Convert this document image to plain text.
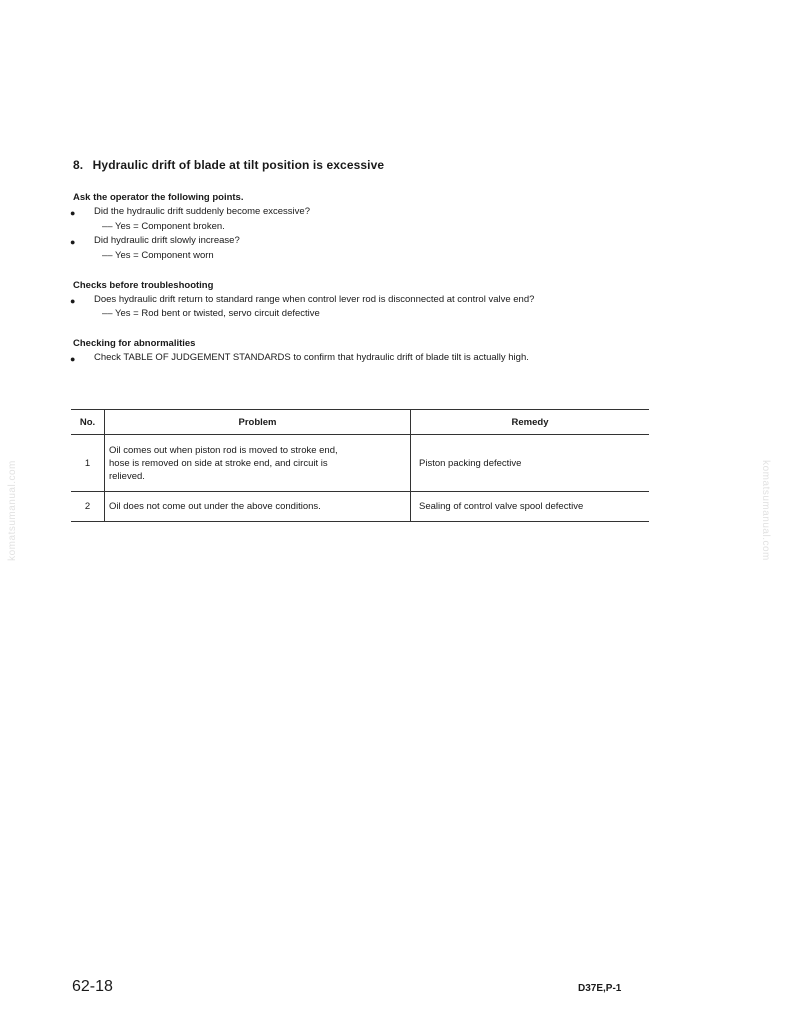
8. Hydraulic drift of blade at tilt position is excessive
Ask the operator the following points.
● Did the hydraulic drift suddenly become excessive?
–– Yes = Component broken.
● Did hydraulic drift slowly increase?
–– Yes = Component worn
Checks before troubleshooting
● Does hydraulic drift return to standard range when control lever rod is disconnected at control valve end?
–– Yes = Rod bent or twisted, servo circuit defective
Checking for abnormalities
● Check TABLE OF JUDGEMENT STANDARDS to confirm that hydraulic drift of blade tilt is actually high.
No.	Problem	Remedy
1	Oil comes out when piston rod is moved to stroke end,
hose is removed on side at stroke end, and circuit is
relieved.	Piston packing defective
2	Oil does not come out under the above conditions.	Sealing of control valve spool defective
komatsumanual.com	komatsumanual.com
62-18	D37E,P-1
